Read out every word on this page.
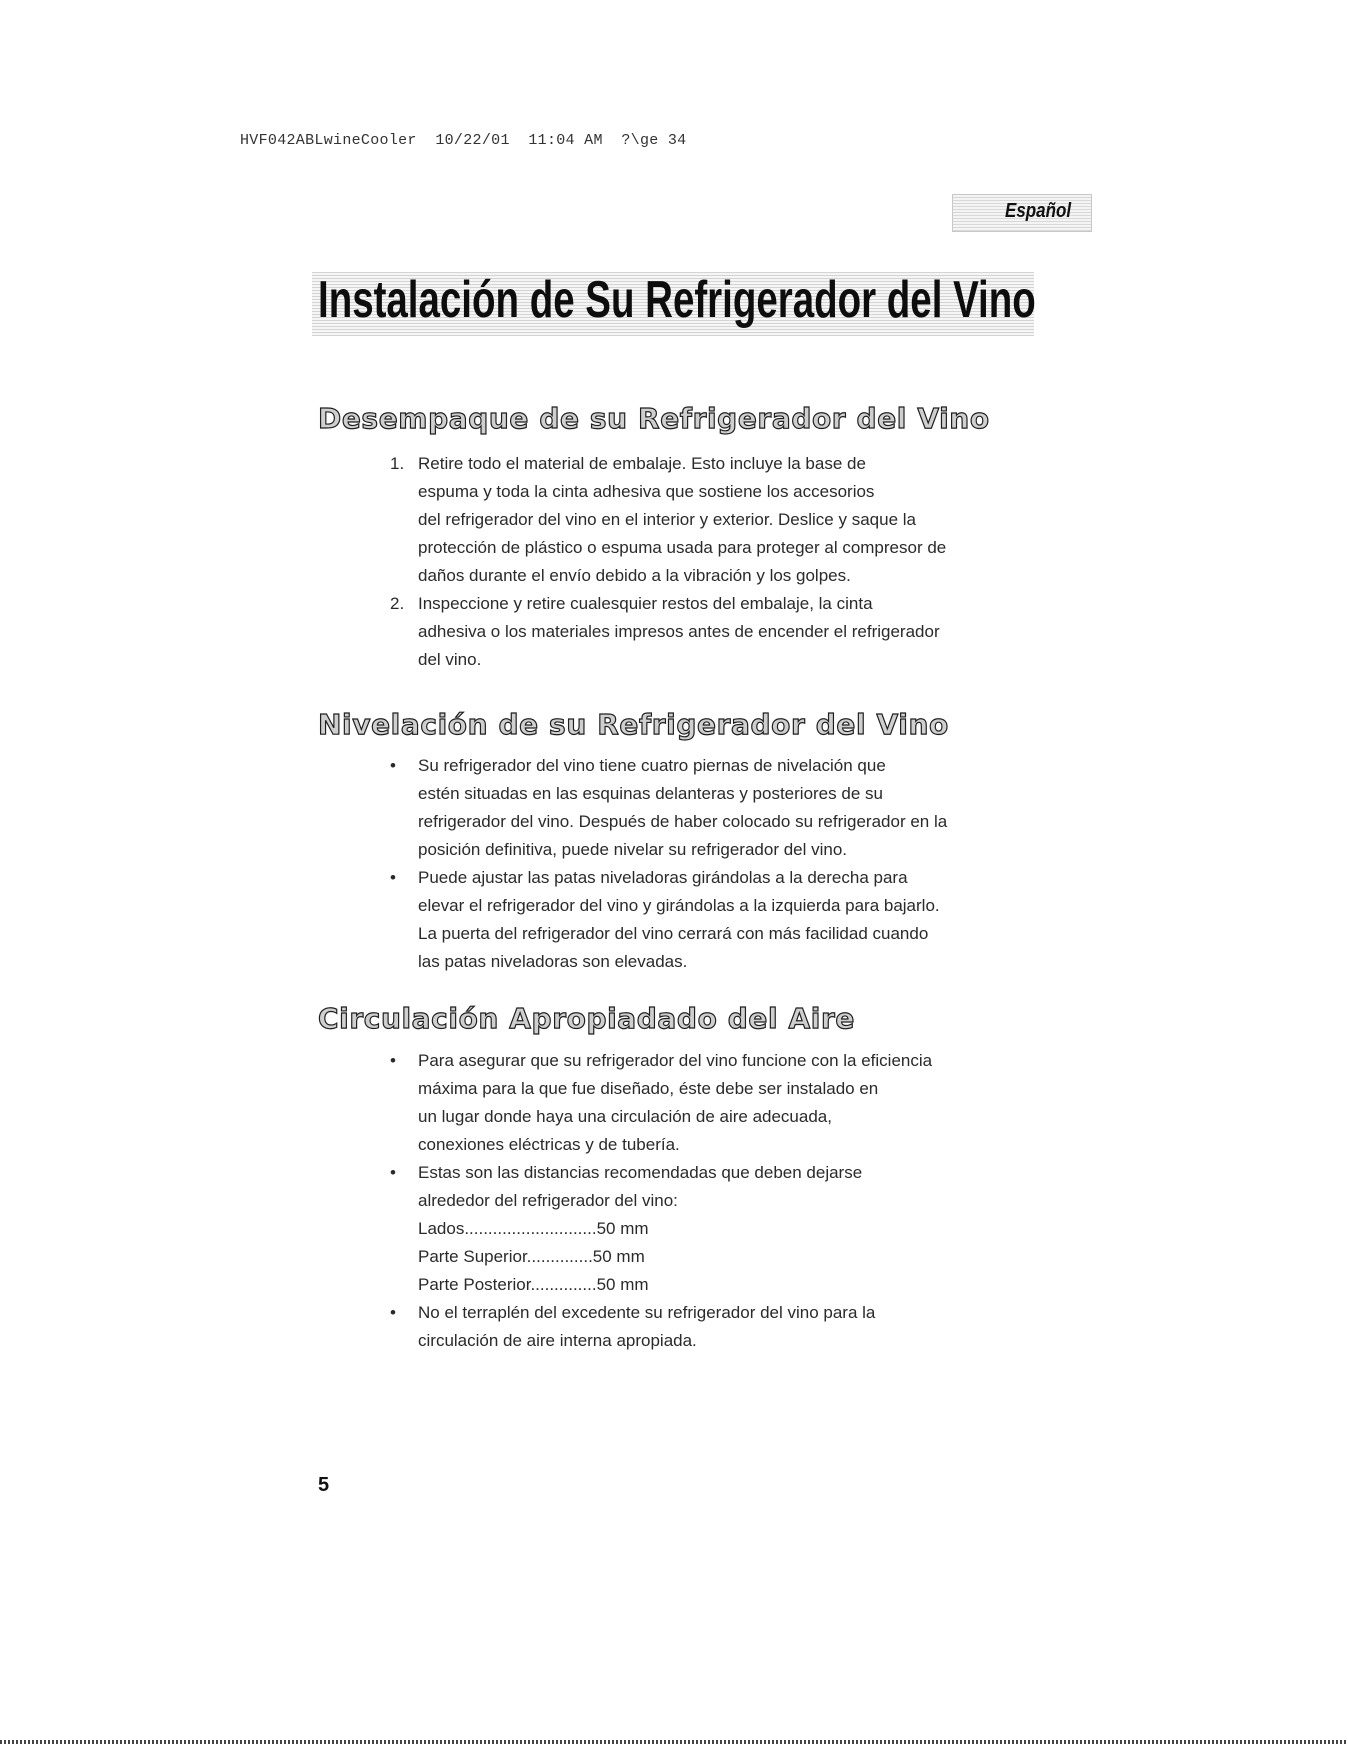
HVF042ABLwineCooler  10/22/01  11:04 AM  ?\ge 34
Español
Instalación de Su Refrigerador del Vino
Desempaque de su Refrigerador del Vino
1. Retire todo el material de embalaje. Esto incluye la base de
espuma y toda la cinta adhesiva que sostiene los accesorios
del refrigerador del vino en el interior y exterior. Deslice y saque la
protección de plástico o espuma usada para proteger al compresor de
daños durante el envío debido a la vibración y los golpes.
2. Inspeccione y retire cualesquier restos del embalaje, la cinta
adhesiva o los materiales impresos antes de encender el refrigerador
del vino.
Nivelación de su Refrigerador del Vino
• Su refrigerador del vino tiene cuatro piernas de nivelación que
estén situadas en las esquinas delanteras y posteriores de su
refrigerador del vino. Después de haber colocado su refrigerador en la
posición definitiva, puede nivelar su refrigerador del vino.
• Puede ajustar las patas niveladoras girándolas a la derecha para
elevar el refrigerador del vino y girándolas a la izquierda para bajarlo.
La puerta del refrigerador del vino cerrará con más facilidad cuando
las patas niveladoras son elevadas.
Circulación Apropiadado del Aire
• Para asegurar que su refrigerador del vino funcione con la eficiencia
máxima para la que fue diseñado, éste debe ser instalado en
un lugar donde haya una circulación de aire adecuada,
conexiones eléctricas y de tubería.
• Estas son las distancias recomendadas que deben dejarse
alrededor del refrigerador del vino:
Lados............................50 mm
Parte Superior..............50 mm
Parte Posterior..............50 mm
• No el terraplén del excedente su refrigerador del vino para la
circulación de aire interna apropiada.
5
